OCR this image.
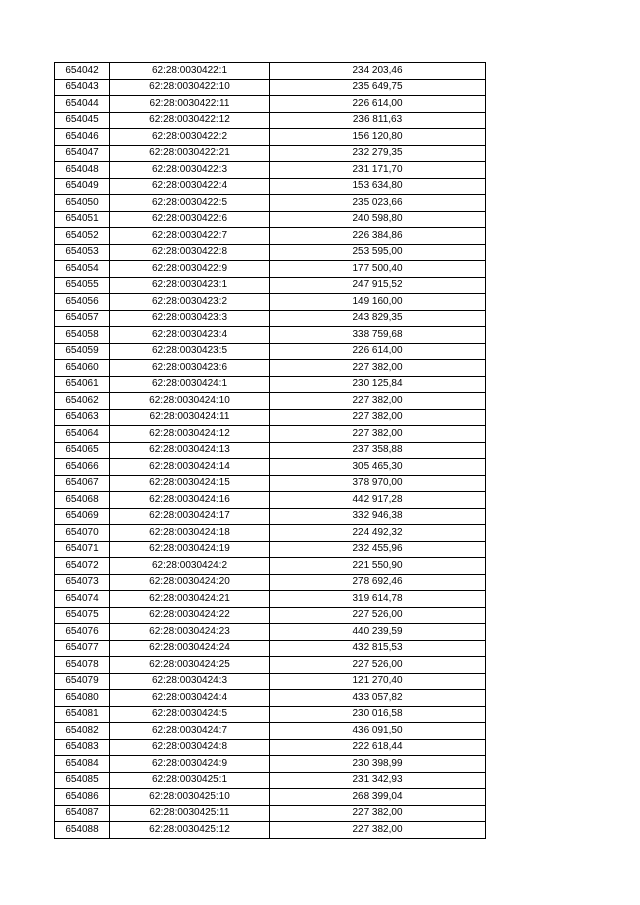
654042	62:28:0030422:1	234 203,46
654043	62:28:0030422:10	235 649,75
654044	62:28:0030422:11	226 614,00
654045	62:28:0030422:12	236 811,63
654046	62:28:0030422:2	156 120,80
654047	62:28:0030422:21	232 279,35
654048	62:28:0030422:3	231 171,70
654049	62:28:0030422:4	153 634,80
654050	62:28:0030422:5	235 023,66
654051	62:28:0030422:6	240 598,80
654052	62:28:0030422:7	226 384,86
654053	62:28:0030422:8	253 595,00
654054	62:28:0030422:9	177 500,40
654055	62:28:0030423:1	247 915,52
654056	62:28:0030423:2	149 160,00
654057	62:28:0030423:3	243 829,35
654058	62:28:0030423:4	338 759,68
654059	62:28:0030423:5	226 614,00
654060	62:28:0030423:6	227 382,00
654061	62:28:0030424:1	230 125,84
654062	62:28:0030424:10	227 382,00
654063	62:28:0030424:11	227 382,00
654064	62:28:0030424:12	227 382,00
654065	62:28:0030424:13	237 358,88
654066	62:28:0030424:14	305 465,30
654067	62:28:0030424:15	378 970,00
654068	62:28:0030424:16	442 917,28
654069	62:28:0030424:17	332 946,38
654070	62:28:0030424:18	224 492,32
654071	62:28:0030424:19	232 455,96
654072	62:28:0030424:2	221 550,90
654073	62:28:0030424:20	278 692,46
654074	62:28:0030424:21	319 614,78
654075	62:28:0030424:22	227 526,00
654076	62:28:0030424:23	440 239,59
654077	62:28:0030424:24	432 815,53
654078	62:28:0030424:25	227 526,00
654079	62:28:0030424:3	121 270,40
654080	62:28:0030424:4	433 057,82
654081	62:28:0030424:5	230 016,58
654082	62:28:0030424:7	436 091,50
654083	62:28:0030424:8	222 618,44
654084	62:28:0030424:9	230 398,99
654085	62:28:0030425:1	231 342,93
654086	62:28:0030425:10	268 399,04
654087	62:28:0030425:11	227 382,00
654088	62:28:0030425:12	227 382,00
